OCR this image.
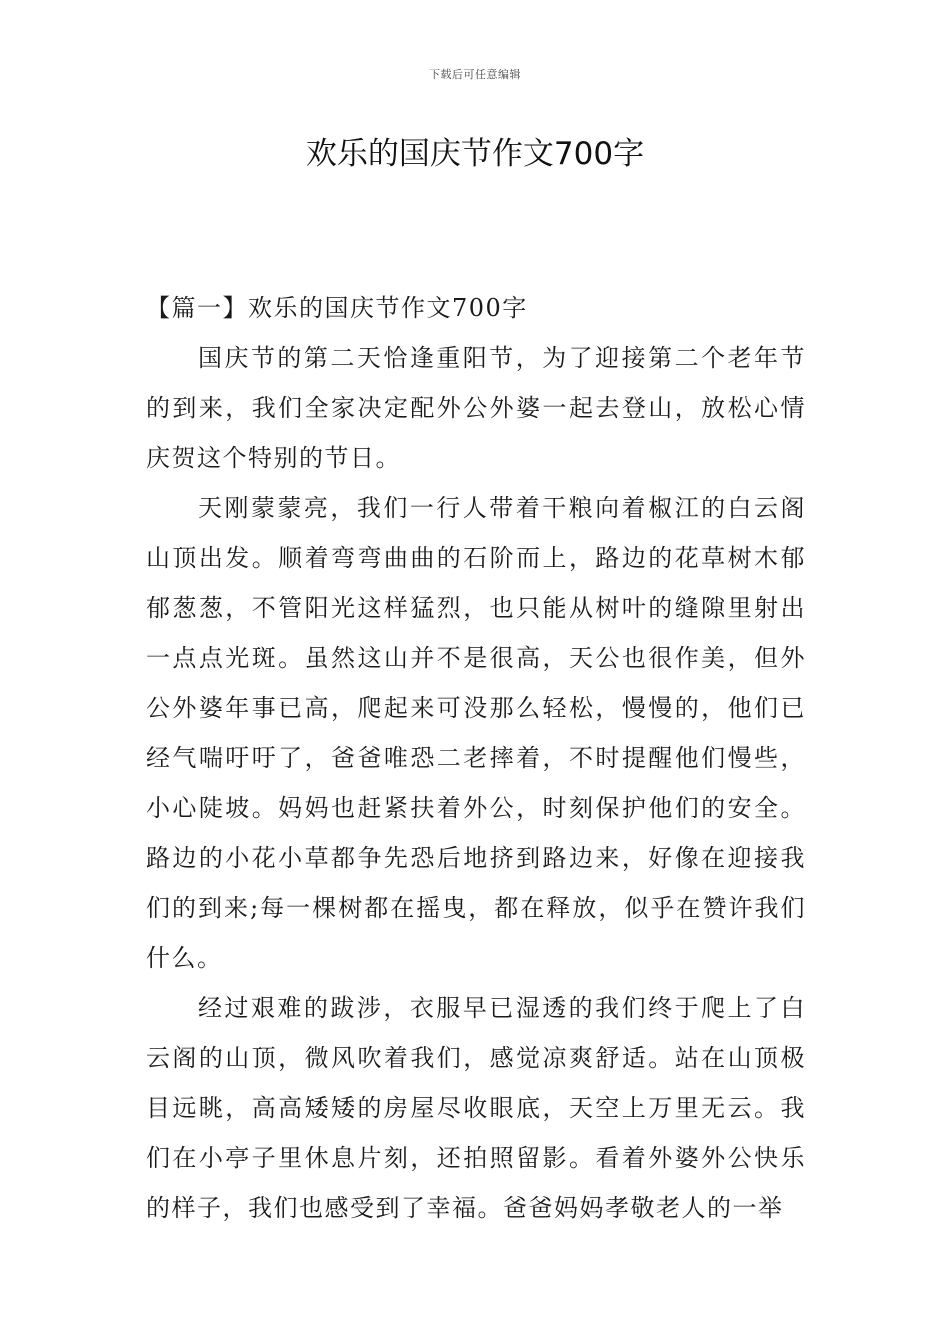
下载后可任意编辑
欢乐的国庆节作文700字

【篇一】欢乐的国庆节作文700字

国庆节的第二天恰逢重阳节，为了迎接第二个老年节的到来，我们全家决定配外公外婆一起去登山，放松心情庆贺这个特别的节日。

天刚蒙蒙亮，我们一行人带着干粮向着椒江的白云阁山顶出发。顺着弯弯曲曲的石阶而上，路边的花草树木郁郁葱葱，不管阳光这样猛烈，也只能从树叶的缝隙里射出一点点光斑。虽然这山并不是很高，天公也很作美，但外公外婆年事已高，爬起来可没那么轻松，慢慢的，他们已经气喘吁吁了，爸爸唯恐二老摔着，不时提醒他们慢些，小心陡坡。妈妈也赶紧扶着外公，时刻保护他们的安全。路边的小花小草都争先恐后地挤到路边来，好像在迎接我们的到来;每一棵树都在摇曳，都在释放，似乎在赞许我们什么。

经过艰难的跋涉，衣服早已湿透的我们终于爬上了白云阁的山顶，微风吹着我们，感觉凉爽舒适。站在山顶极目远眺，高高矮矮的房屋尽收眼底，天空上万里无云。我们在小亭子里休息片刻，还拍照留影。看着外婆外公快乐的样子，我们也感受到了幸福。爸爸妈妈孝敬老人的一举
